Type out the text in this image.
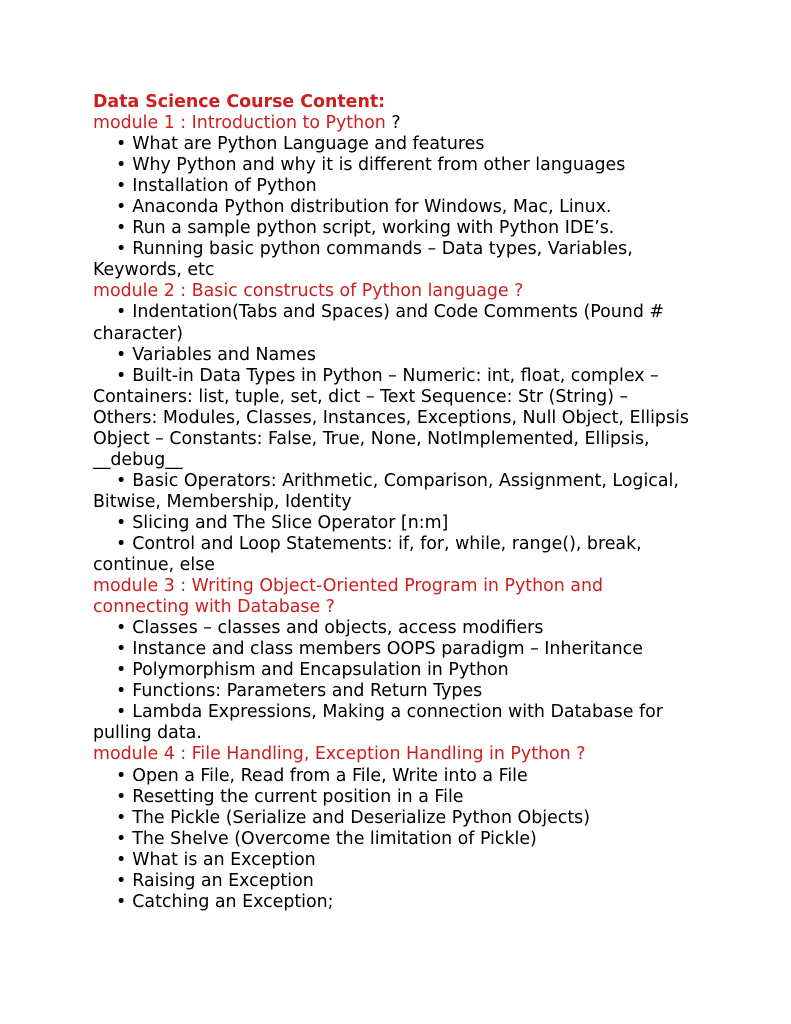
Data Science Course Content:

module 1 : Introduction to Python ?

• What are Python Language and features
• Why Python and why it is different from other languages
• Installation of Python
• Anaconda Python distribution for Windows, Mac, Linux.
• Run a sample python script, working with Python IDE’s.
• Running basic python commands – Data types, Variables, Keywords, etc

module 2 : Basic constructs of Python language ?

• Indentation(Tabs and Spaces) and Code Comments (Pound # character)
• Variables and Names
• Built-in Data Types in Python – Numeric: int, float, complex – Containers: list, tuple, set, dict – Text Sequence: Str (String) – Others: Modules, Classes, Instances, Exceptions, Null Object, Ellipsis Object – Constants: False, True, None, NotImplemented, Ellipsis, __debug__
• Basic Operators: Arithmetic, Comparison, Assignment, Logical, Bitwise, Membership, Identity
• Slicing and The Slice Operator [n:m]
• Control and Loop Statements: if, for, while, range(), break, continue, else

module 3 : Writing Object-Oriented Program in Python and connecting with Database ?

• Classes – classes and objects, access modifiers
• Instance and class members OOPS paradigm – Inheritance
• Polymorphism and Encapsulation in Python
• Functions: Parameters and Return Types
• Lambda Expressions, Making a connection with Database for pulling data.

module 4 : File Handling, Exception Handling in Python ?

• Open a File, Read from a File, Write into a File
• Resetting the current position in a File
• The Pickle (Serialize and Deserialize Python Objects)
• The Shelve (Overcome the limitation of Pickle)
• What is an Exception
• Raising an Exception
• Catching an Exception;
